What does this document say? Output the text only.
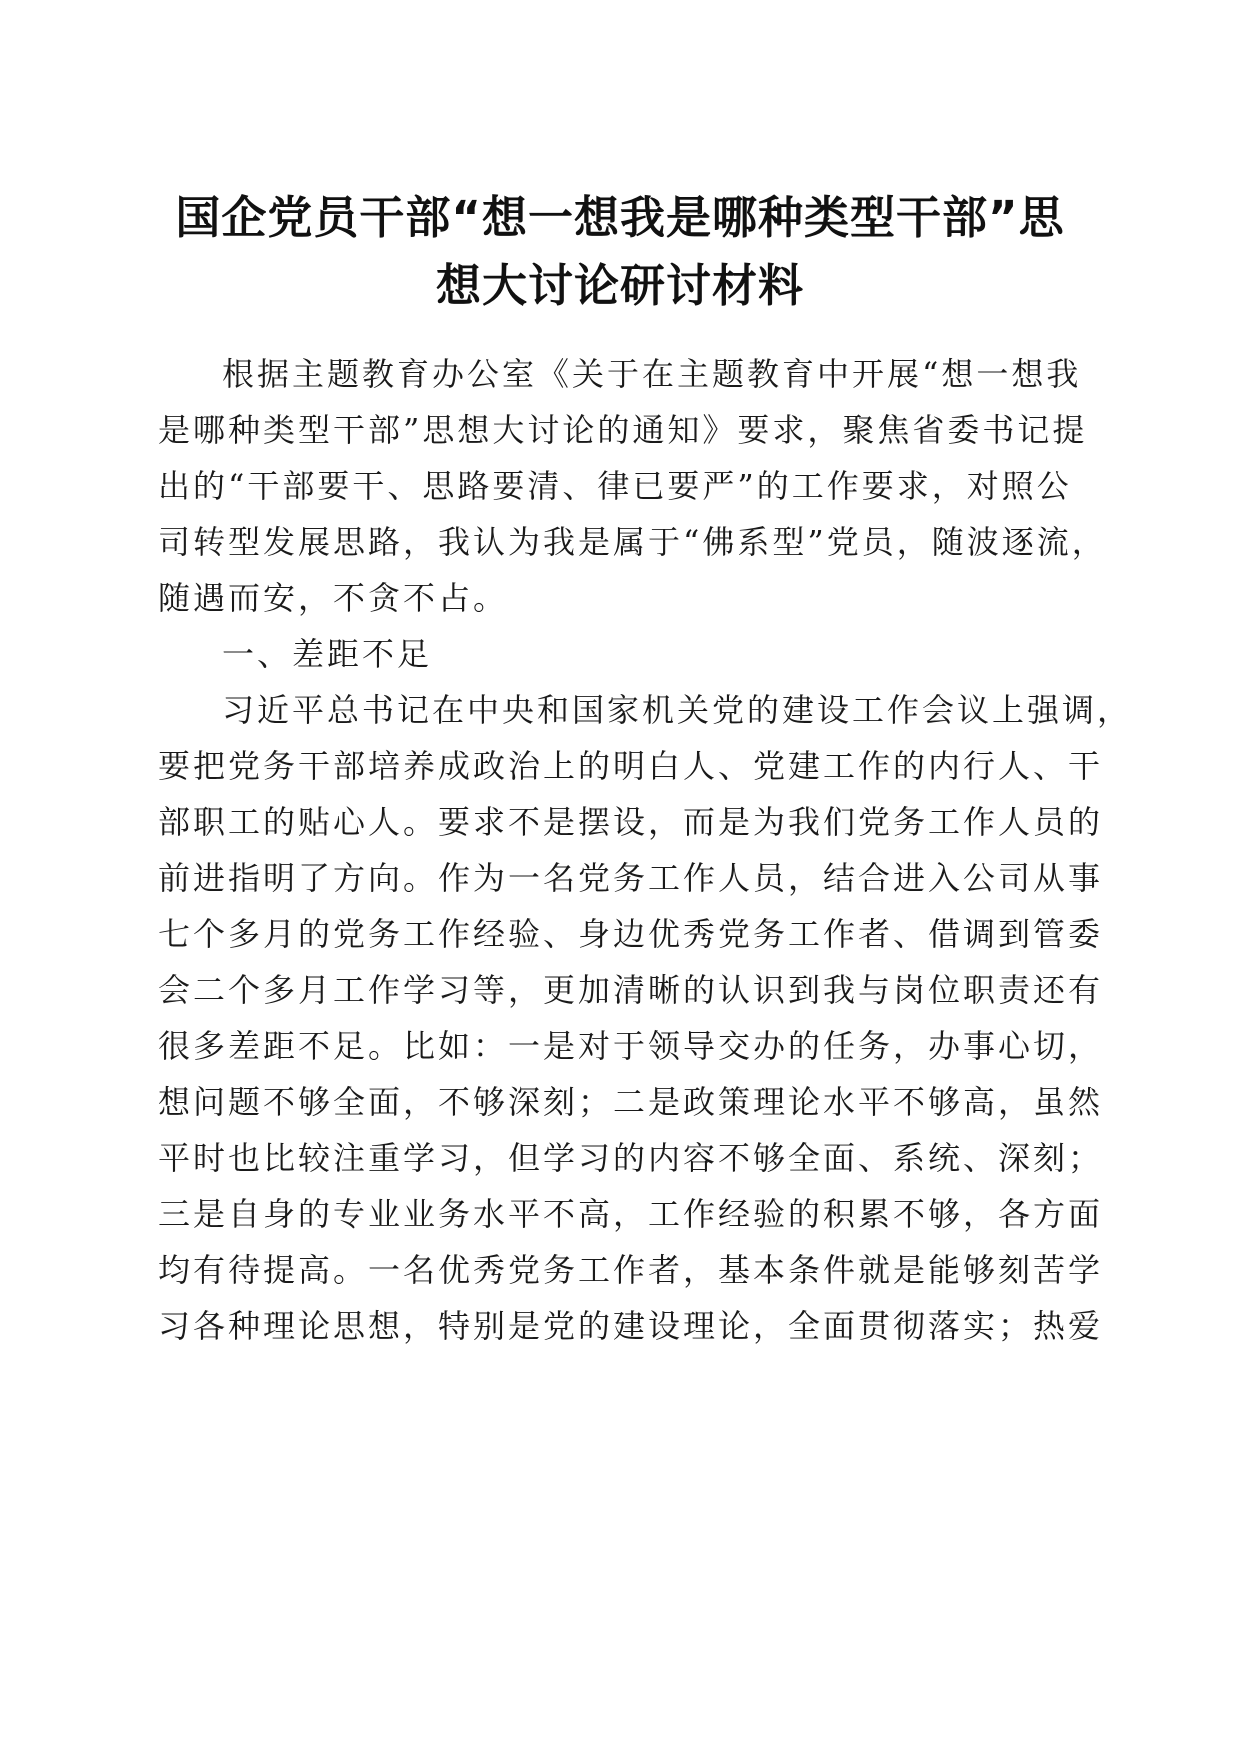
国企党员干部“想一想我是哪种类型干部”思
想大讨论研讨材料
根据主题教育办公室《关于在主题教育中开展“想一想我
是哪种类型干部”思想大讨论的通知》要求，聚焦省委书记提
出的“干部要干、思路要清、律已要严”的工作要求，对照公
司转型发展思路，我认为我是属于“佛系型”党员，随波逐流，
随遇而安，不贪不占。
一、差距不足
习近平总书记在中央和国家机关党的建设工作会议上强调，
要把党务干部培养成政治上的明白人、党建工作的内行人、干
部职工的贴心人。要求不是摆设，而是为我们党务工作人员的
前进指明了方向。作为一名党务工作人员，结合进入公司从事
七个多月的党务工作经验、身边优秀党务工作者、借调到管委
会二个多月工作学习等，更加清晰的认识到我与岗位职责还有
很多差距不足。比如：一是对于领导交办的任务，办事心切，
想问题不够全面，不够深刻；二是政策理论水平不够高，虽然
平时也比较注重学习，但学习的内容不够全面、系统、深刻；
三是自身的专业业务水平不高，工作经验的积累不够，各方面
均有待提高。一名优秀党务工作者，基本条件就是能够刻苦学
习各种理论思想，特别是党的建设理论，全面贯彻落实；热爱
